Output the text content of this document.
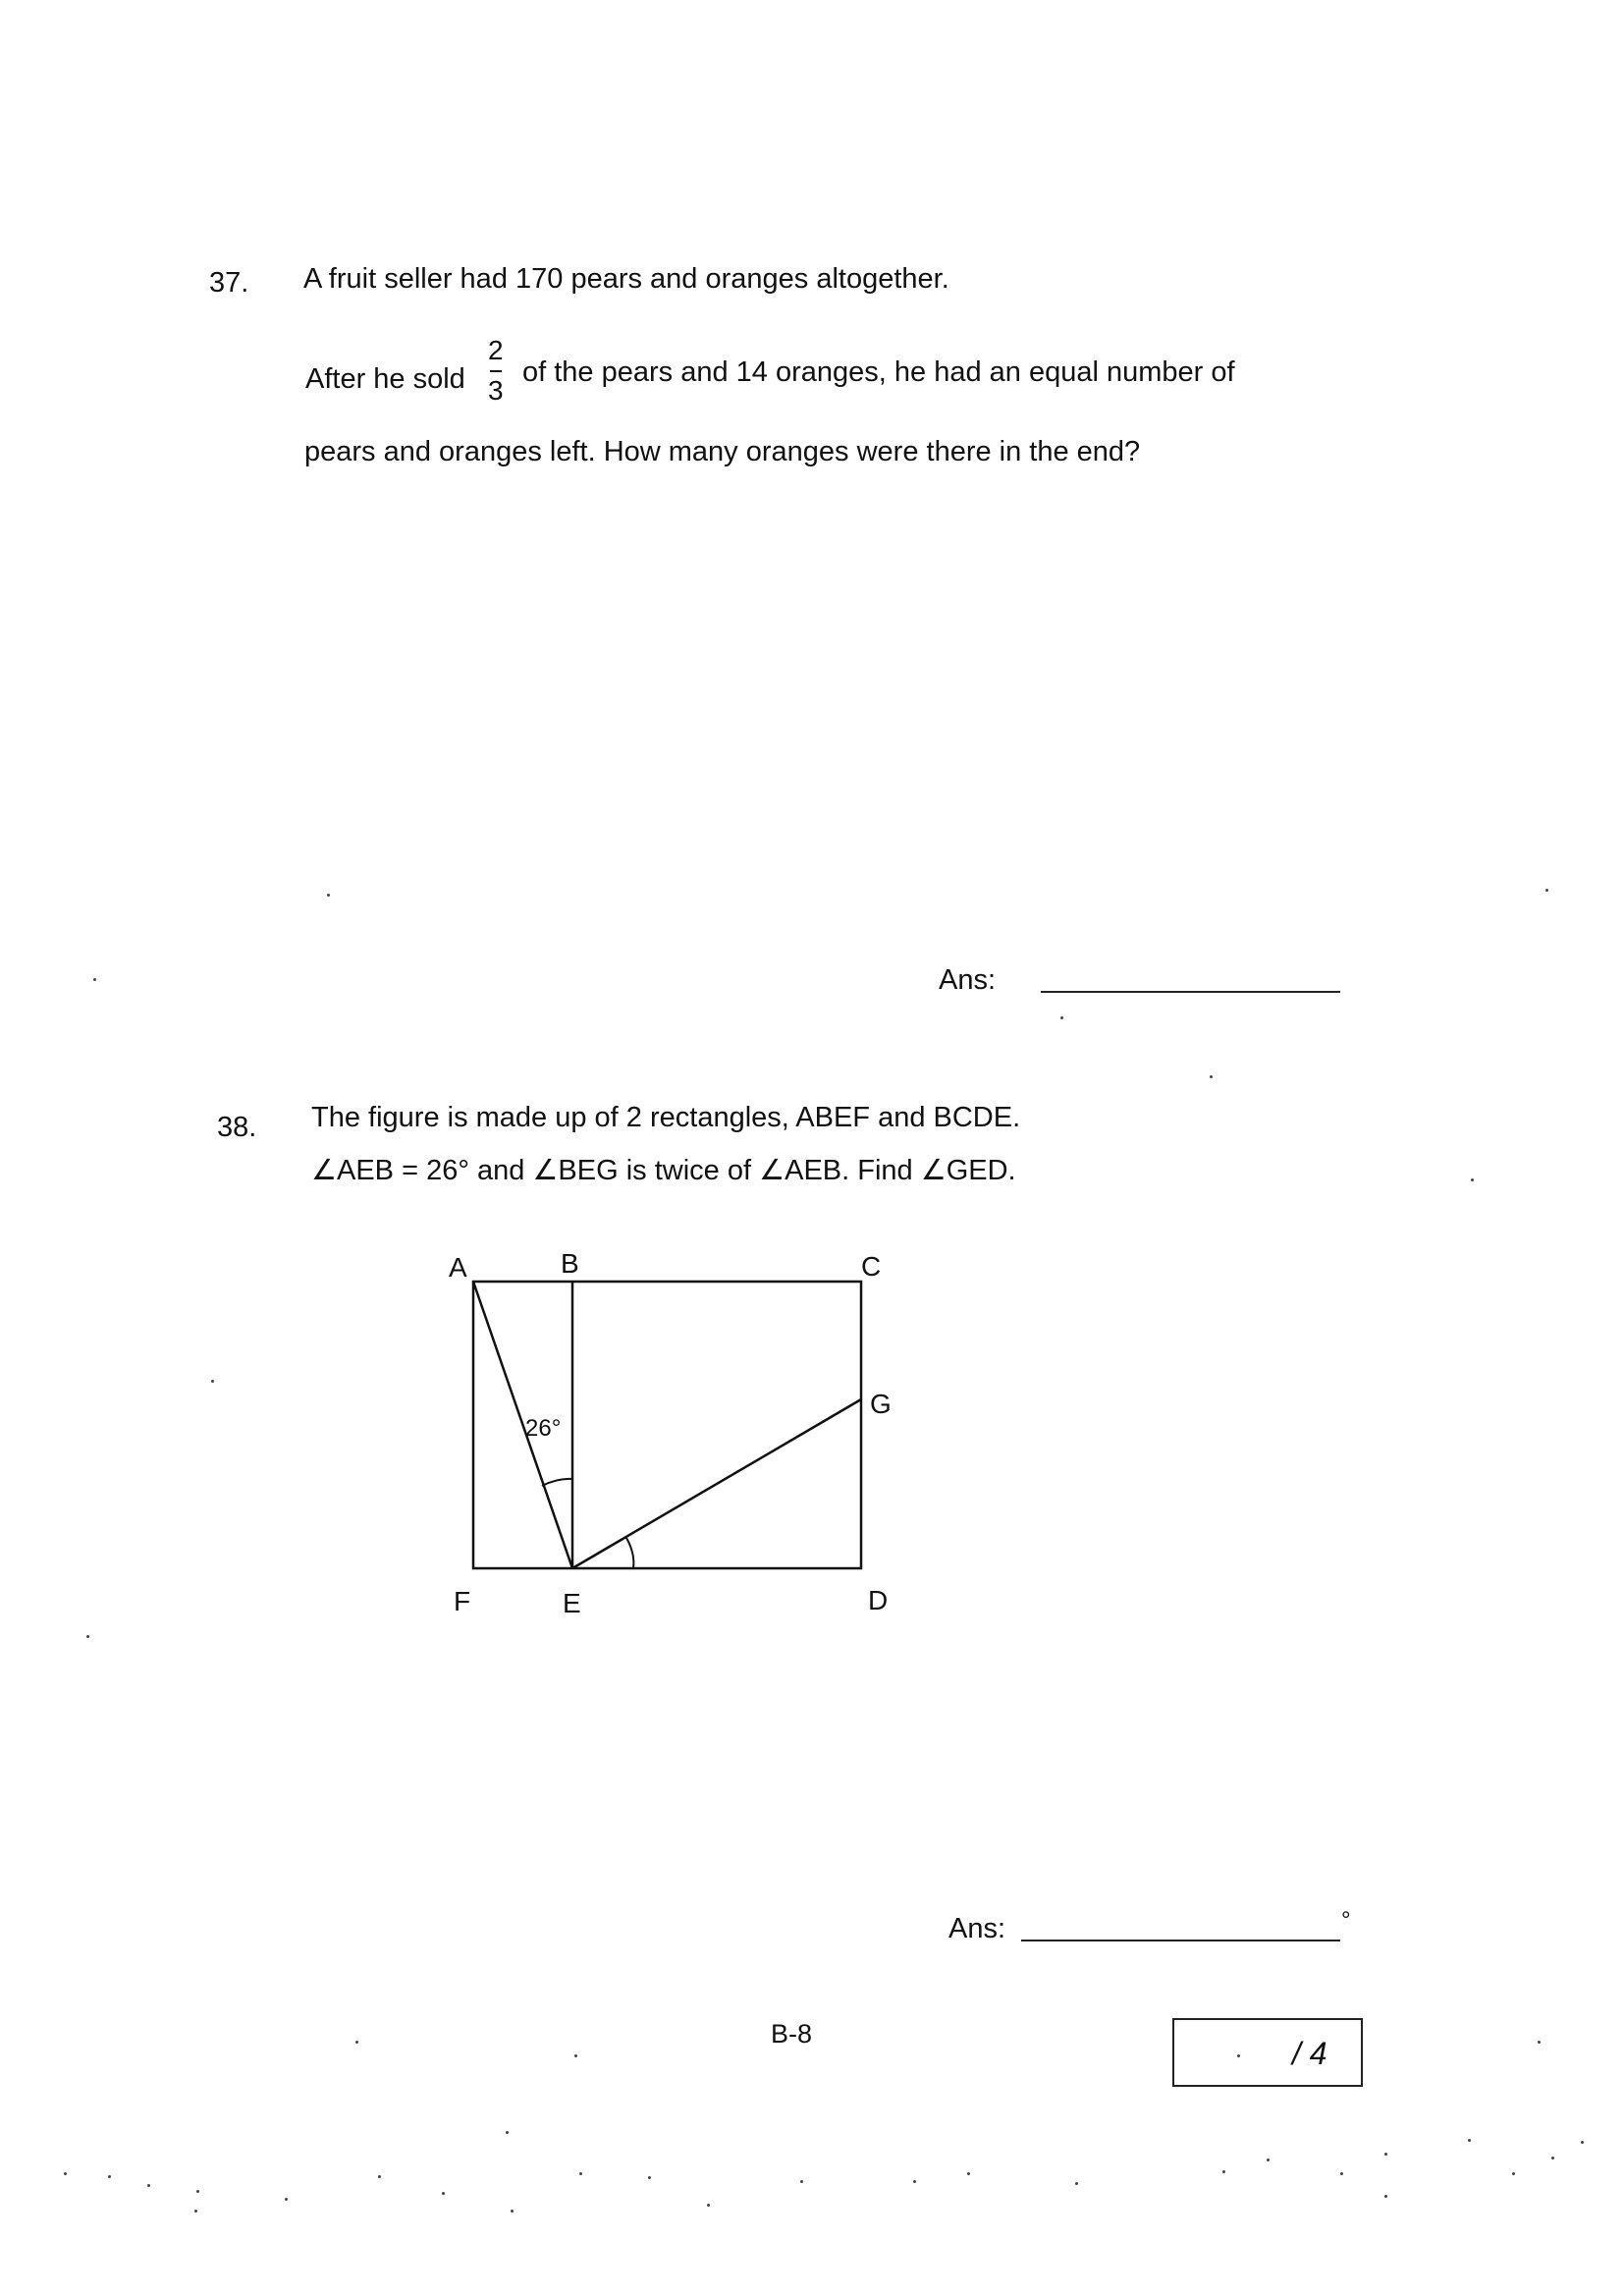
37. A fruit seller had 170 pears and oranges altogether.
After he sold
2
3
of the pears and 14 oranges, he had an equal number of
pears and oranges left. How many oranges were there in the end?
Ans:
38. The figure is made up of 2 rectangles, ABEF and BCDE.
∠AEB = 26° and ∠BEG is twice of ∠AEB. Find ∠GED.
A	B	C
G
F	E	D
26°
Ans:	°
B-8
/ 4
